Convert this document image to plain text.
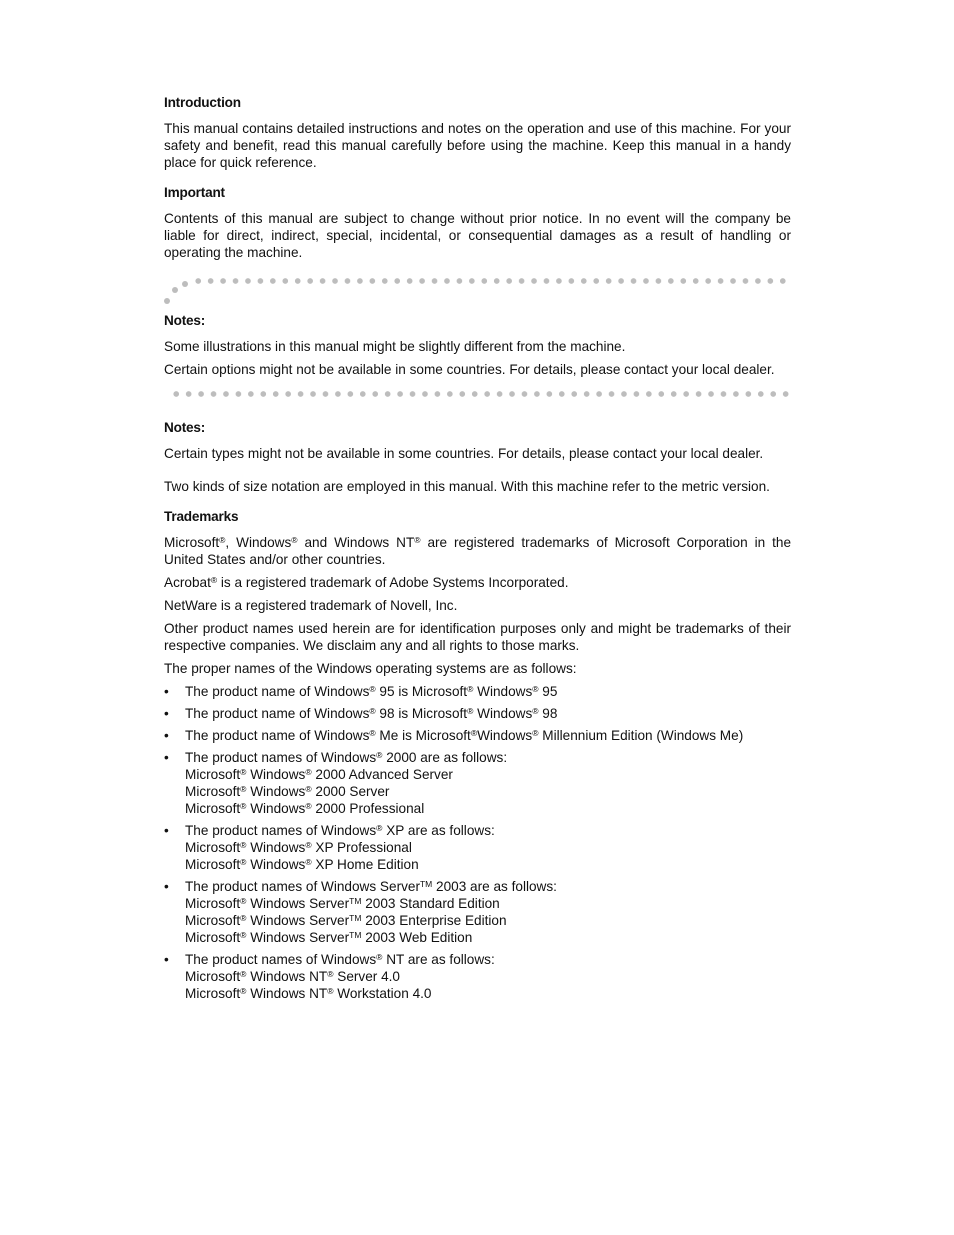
Introduction

This manual contains detailed instructions and notes on the operation and use of this machine. For your safety and benefit, read this manual carefully before using the machine. Keep this manual in a handy place for quick reference.

Important

Contents of this manual are subject to change without prior notice. In no event will the company be liable for direct, indirect, special, incidental, or consequential damages as a result of handling or operating the machine.

Notes:

Some illustrations in this manual might be slightly different from the machine.

Certain options might not be available in some countries. For details, please contact your local dealer.

Notes:

Certain types might not be available in some countries. For details, please contact your local dealer.

Two kinds of size notation are employed in this manual. With this machine refer to the metric version.

Trademarks

Microsoft®, Windows® and Windows NT® are registered trademarks of Microsoft Corporation in the United States and/or other countries.

Acrobat® is a registered trademark of Adobe Systems Incorporated.

NetWare is a registered trademark of Novell, Inc.

Other product names used herein are for identification purposes only and might be trademarks of their respective companies. We disclaim any and all rights to those marks.

The proper names of the Windows operating systems are as follows:

• The product name of Windows® 95 is Microsoft® Windows® 95
• The product name of Windows® 98 is Microsoft® Windows® 98
• The product name of Windows® Me is Microsoft®Windows® Millennium Edition (Windows Me)
• The product names of Windows® 2000 are as follows:
Microsoft® Windows® 2000 Advanced Server
Microsoft® Windows® 2000 Server
Microsoft® Windows® 2000 Professional
• The product names of Windows® XP are as follows:
Microsoft® Windows® XP Professional
Microsoft® Windows® XP Home Edition
• The product names of Windows Server™ 2003 are as follows:
Microsoft® Windows Server™ 2003 Standard Edition
Microsoft® Windows Server™ 2003 Enterprise Edition
Microsoft® Windows Server™ 2003 Web Edition
• The product names of Windows® NT are as follows:
Microsoft® Windows NT® Server 4.0
Microsoft® Windows NT® Workstation 4.0
